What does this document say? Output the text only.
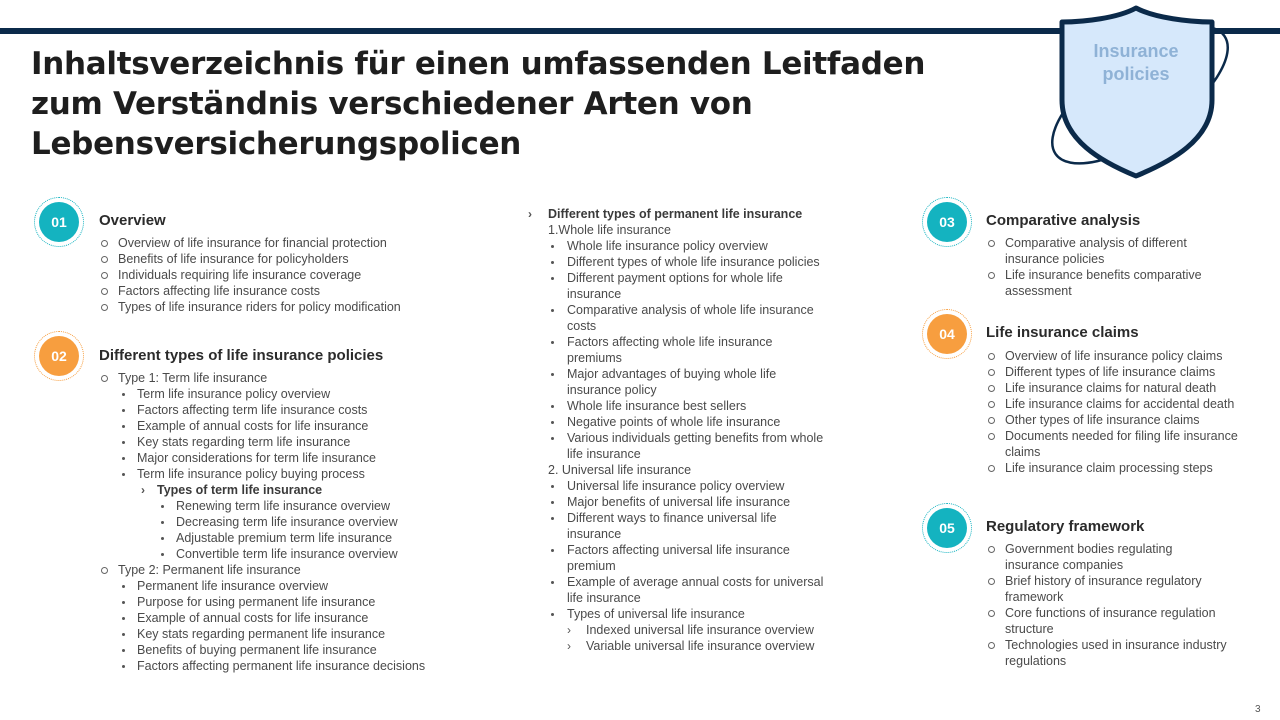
Inhaltsverzeichnis für einen umfassenden Leitfaden zum Verständnis verschiedener Arten von Lebensversicherungspolicen
Insurance
policies
01	Overview
Overview of life insurance for financial protection
Benefits of life insurance for policyholders
Individuals requiring life insurance coverage
Factors affecting life insurance costs
Types of life insurance riders for policy modification
02	Different types of life insurance policies
Type 1: Term life insurance
Term life insurance policy overview
Factors affecting term life insurance costs
Example of annual costs for life insurance
Key stats regarding term life insurance
Major considerations for term life insurance
Term life insurance policy buying process
› Types of term life insurance
Renewing term life insurance overview
Decreasing term life insurance overview
Adjustable premium term life insurance
Convertible term life insurance overview
Type 2: Permanent life insurance
Permanent life insurance overview
Purpose for using permanent life insurance
Example of annual costs for life insurance
Key stats regarding permanent life insurance
Benefits of buying permanent life insurance
Factors affecting permanent life insurance decisions
› Different types of permanent life insurance
1.Whole life insurance
Whole life insurance policy overview
Different types of whole life insurance policies
Different payment options for whole life insurance
Comparative analysis of whole life insurance costs
Factors affecting whole life insurance premiums
Major advantages of buying whole life insurance policy
Whole life insurance best sellers
Negative points of whole life insurance
Various individuals getting benefits from whole life insurance
2. Universal life insurance
Universal life insurance policy overview
Major benefits of universal life insurance
Different ways to finance universal life insurance
Factors affecting universal life insurance premium
Example of average annual costs for universal life insurance
Types of universal life insurance
› Indexed universal life insurance overview
› Variable universal life insurance overview
03	Comparative analysis
Comparative analysis of different insurance policies
Life insurance benefits comparative assessment
04	Life insurance claims
Overview of life insurance policy claims
Different types of life insurance claims
Life insurance claims for natural death
Life insurance claims for accidental death
Other types of life insurance claims
Documents needed for filing life insurance claims
Life insurance claim processing steps
05	Regulatory framework
Government bodies regulating insurance companies
Brief history of insurance regulatory framework
Core functions of insurance regulation structure
Technologies used in insurance industry regulations
3
